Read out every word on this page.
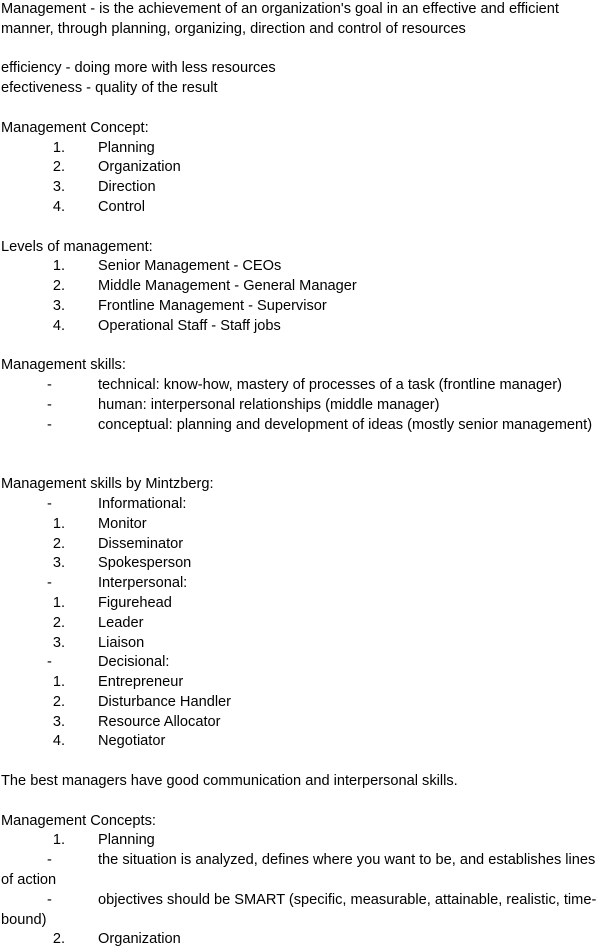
Management - is the achievement of an organization's goal in an effective and efficient manner, through planning, organizing, direction and control of resources

efficiency - doing more with less resources

efectiveness - quality of the result

Management Concept:

1.	Planning

2.	Organization

3.	Direction

4.	Control

Levels of management:

1.	Senior Management - CEOs

2.	Middle Management - General Manager

3.	Frontline Management - Supervisor

4.	Operational Staff - Staff jobs

Management skills:

-	technical: know-how, mastery of processes of a task (frontline manager)

-	human: interpersonal relationships (middle manager)

-	conceptual: planning and development of ideas (mostly senior management)

Management skills by Mintzberg:

-	Informational:

1.	Monitor

2.	Disseminator

3.	Spokesperson

-	Interpersonal:

1.	Figurehead

2.	Leader

3.	Liaison

-	Decisional:

1.	Entrepreneur

2.	Disturbance Handler

3.	Resource Allocator

4.	Negotiator

The best managers have good communication and interpersonal skills.

Management Concepts:

1.	Planning

-	the situation is analyzed, defines where you want to be, and establishes lines of action

-	objectives should be SMART (specific, measurable, attainable, realistic, time-bound)

2.	Organization
